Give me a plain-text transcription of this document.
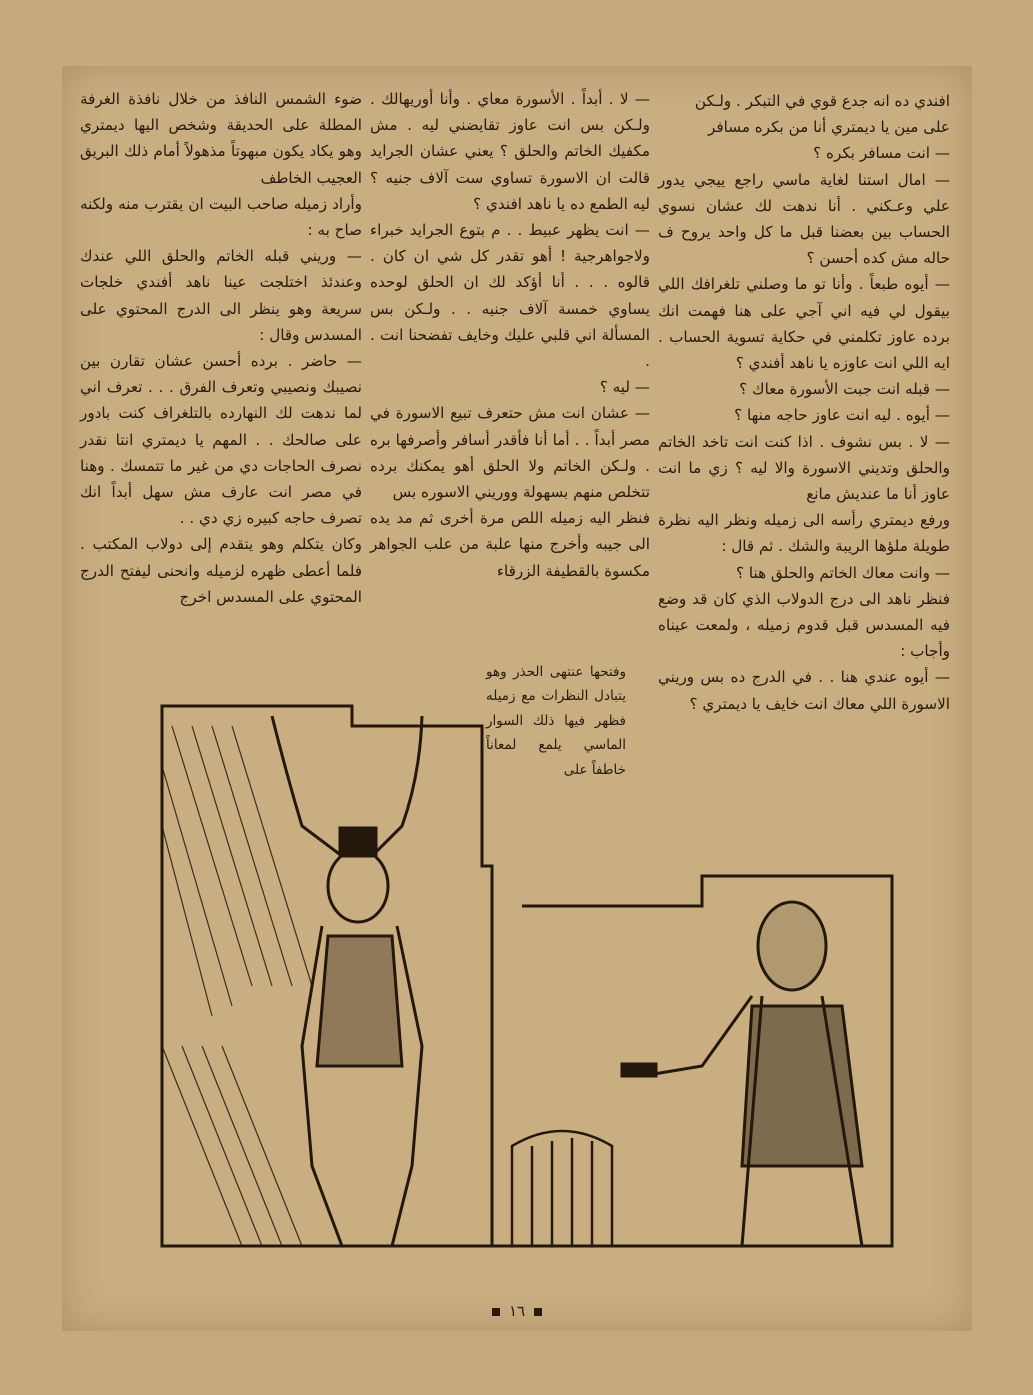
افندي ده انه جدع قوي في التبكر . ولـكن

على مين يا ديمتري أنا من بكره مسافر

— انت مسافر بكره ؟

— امال استنا لغاية ماسي راجع ييجي يدور علي وعـكني . أنا ندهت لك عشان نسوي الحساب بين بعضنا قبل ما كل واحد يروح ف حاله مش كده أحسن ؟

— أيوه طبعاً . وأنا تو ما وصلني تلغرافك اللي بيقول لي فيه اني آجي على هنا فهمت انك برده عاوز تكلمني في حكاية تسوية الحساب . ايه اللي انت عاوزه يا ناهد أفندي ؟

— قبله انت جبت الأسورة معاك ؟

— أيوه . ليه انت عاوز حاجه منها ؟

— لا . بس نشوف . اذا كنت انت تاخد الخاتم والحلق وتديني الاسورة والا ليه ؟ زي ما انت عاوز أنا ما عنديش مانع

ورفع ديمتري رأسه الى زميله ونظر اليه نظرة طويلة ملؤها الريبة والشك . ثم قال :

— وانت معاك الخاتم والحلق هنا ؟

فنظر ناهد الى درج الدولاب الذي كان قد وضع فيه المسدس قبل قدوم زميله ، ولمعت عيناه وأجاب :

— أيوه عندي هنا . . في الدرج ده بس وريني الاسورة اللي معاك انت خايف يا ديمتري ؟

— لا . أبداً . الأسورة معاي . وأنا أوريهالك . ولـكن بس انت عاوز تقايضني ليه . مش مكفيك الخاتم والحلق ؟ يعني عشان الجرايد قالت ان الاسورة تساوي ست آلاف جنيه ؟ ليه الطمع ده يا ناهد افندي ؟

— انت يظهر عبيط . . م بتوع الجرايد خبراء ولاجواهرجية ! أهو تقدر كل شي ان كان . قالوه . . . أنا أؤكد لك ان الحلق لوحده يساوي خمسة آلاف جنيه . . ولـكن بس المسألة اني قلبي عليك وخايف تفضحنا انت . .

— ليه ؟

— عشان انت مش حتعرف تبيع الاسورة في مصر أبداً . . أما أنا فأقدر أسافر وأصرفها بره . ولـكن الخاتم ولا الحلق أهو يمكنك برده تتخلص منهم بسهولة ووريني الاسوره بس

فنظر اليه زميله اللص مرة أخرى ثم مد يده الى جيبه وأخرج منها علبة من علب الجواهر مكسوة بالقطيفة الزرقاء

ضوء الشمس النافذ من خلال نافذة الغرفة المطلة على الحديقة وشخص اليها ديمتري وهو يكاد يكون مبهوتاً مذهولاً أمام ذلك البريق العجيب الخاطف

وأراد زميله صاحب البيت ان يقترب منه ولكنه صاح به :

— وريني قبله الخاتم والحلق اللي عندك وعندئذ اختلجت عينا ناهد أفندي خلجات سريعة وهو ينظر الى الدرج المحتوي على المسدس وقال :

— حاضر . برده أحسن عشان تقارن بين نصيبك ونصيبي وتعرف الفرق . . . تعرف اني لما ندهت لك النهارده بالتلغراف كنت بادور على صالحك . . المهم يا ديمتري انتا نقدر نصرف الحاجات دي من غير ما تتمسك . وهنا في مصر انت عارف مش سهل أبداً انك تصرف حاجه كبيره زي دي . .

وكان يتكلم وهو يتقدم إلى دولاب المكتب . فلما أعطى ظهره لزميله وانحنى ليفتح الدرج المحتوي على المسدس اخرج

وفتحها عنتهى الحذر وهو يتبادل النظرات مع زميله فظهر فيها ذلك السوار الماسي يلمع لمعاناً خاطفاً على

١٦
